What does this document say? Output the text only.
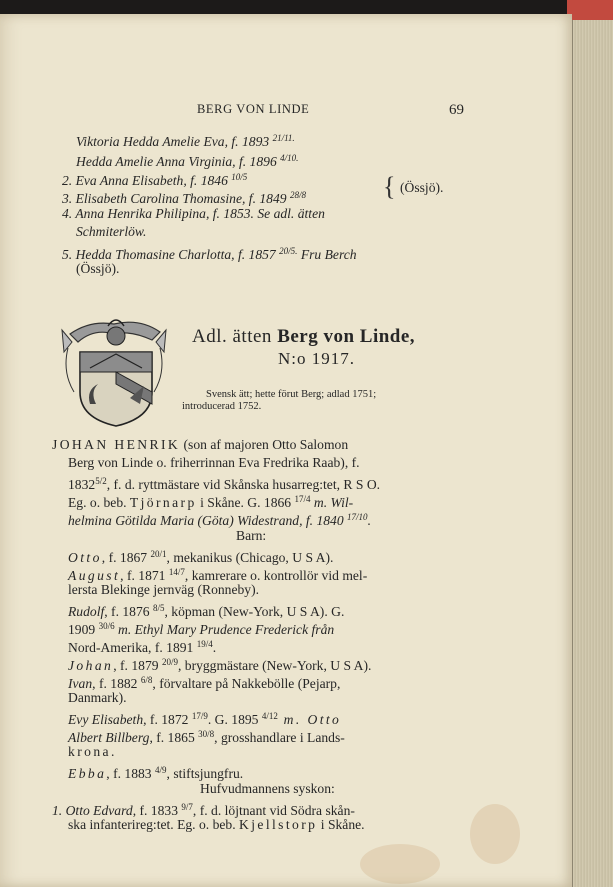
BERG VON LINDE	69
Viktoria Hedda Amelie Eva, f. 1893 $^{21/11.}$
Hedda Amelie Anna Virginia, f. 1896 $^{4/10.}$
2. Eva Anna Elisabeth, f. 1846 $^{10/5}$
3. Elisabeth Carolina Thomasine, f. 1849 $^{28/8}$	{ (Össjö).
4. Anna Henrika Philipina, f. 1853. Se adl. ätten
Schmiterlöw.
5. Hedda Thomasine Charlotta, f. 1857 $^{20/5.}$ Fru Berch
(Össjö).
Adl. ätten Berg von Linde,
N:o 1917.
Svensk ätt; hette förut Berg; adlad 1751;
introducerad 1752.
JOHAN HENRIK (son af majoren Otto Salomon
Berg von Linde o. friherrinnan Eva Fredrika Raab), f.
$1832^{5/2}$, f. d. ryttmästare vid Skånska husarreg:tet, R S O.
Eg. o. beb. Tjörnarp i Skåne. G. 1866 $^{17/4}$ m. Wil-
helmina Götilda Maria (Göta) Widestrand, f. 1840 $^{17/10}$.
Barn:
Otto, f. 1867 $^{20/1}$, mekanikus (Chicago, U S A).
August, f. 1871 $^{14/7}$, kamrerare o. kontrollör vid mel-
lersta Blekinge jernväg (Ronneby).
Rudolf, f. 1876 $^{8/5}$, köpman (New-York, U S A). G.
1909 $^{30/6}$ m. Ethyl Mary Prudence Frederick från
Nord-Amerika, f. 1891 $^{19/4}$.
Johan, f. 1879 $^{20/9}$, bryggmästare (New-York, U S A).
Ivan, f. 1882 $^{6/8}$, förvaltare på Nakkebölle (Pejarp,
Danmark).
Evy Elisabeth, f. 1872 $^{17/9}$. G. 1895 $^{4/12}$ m. Otto
Albert Billberg, f. 1865 $^{30/8}$, grosshandlare i Lands-
krona.
Ebba, f. 1883 $^{4/9}$, stiftsjungfru.
Hufvudmannens syskon:
1. Otto Edvard, f. 1833 $^{9/7}$, f. d. löjtnant vid Södra skån-
ska infanterireg:tet. Eg. o. beb. Kjellstorp i Skåne.
